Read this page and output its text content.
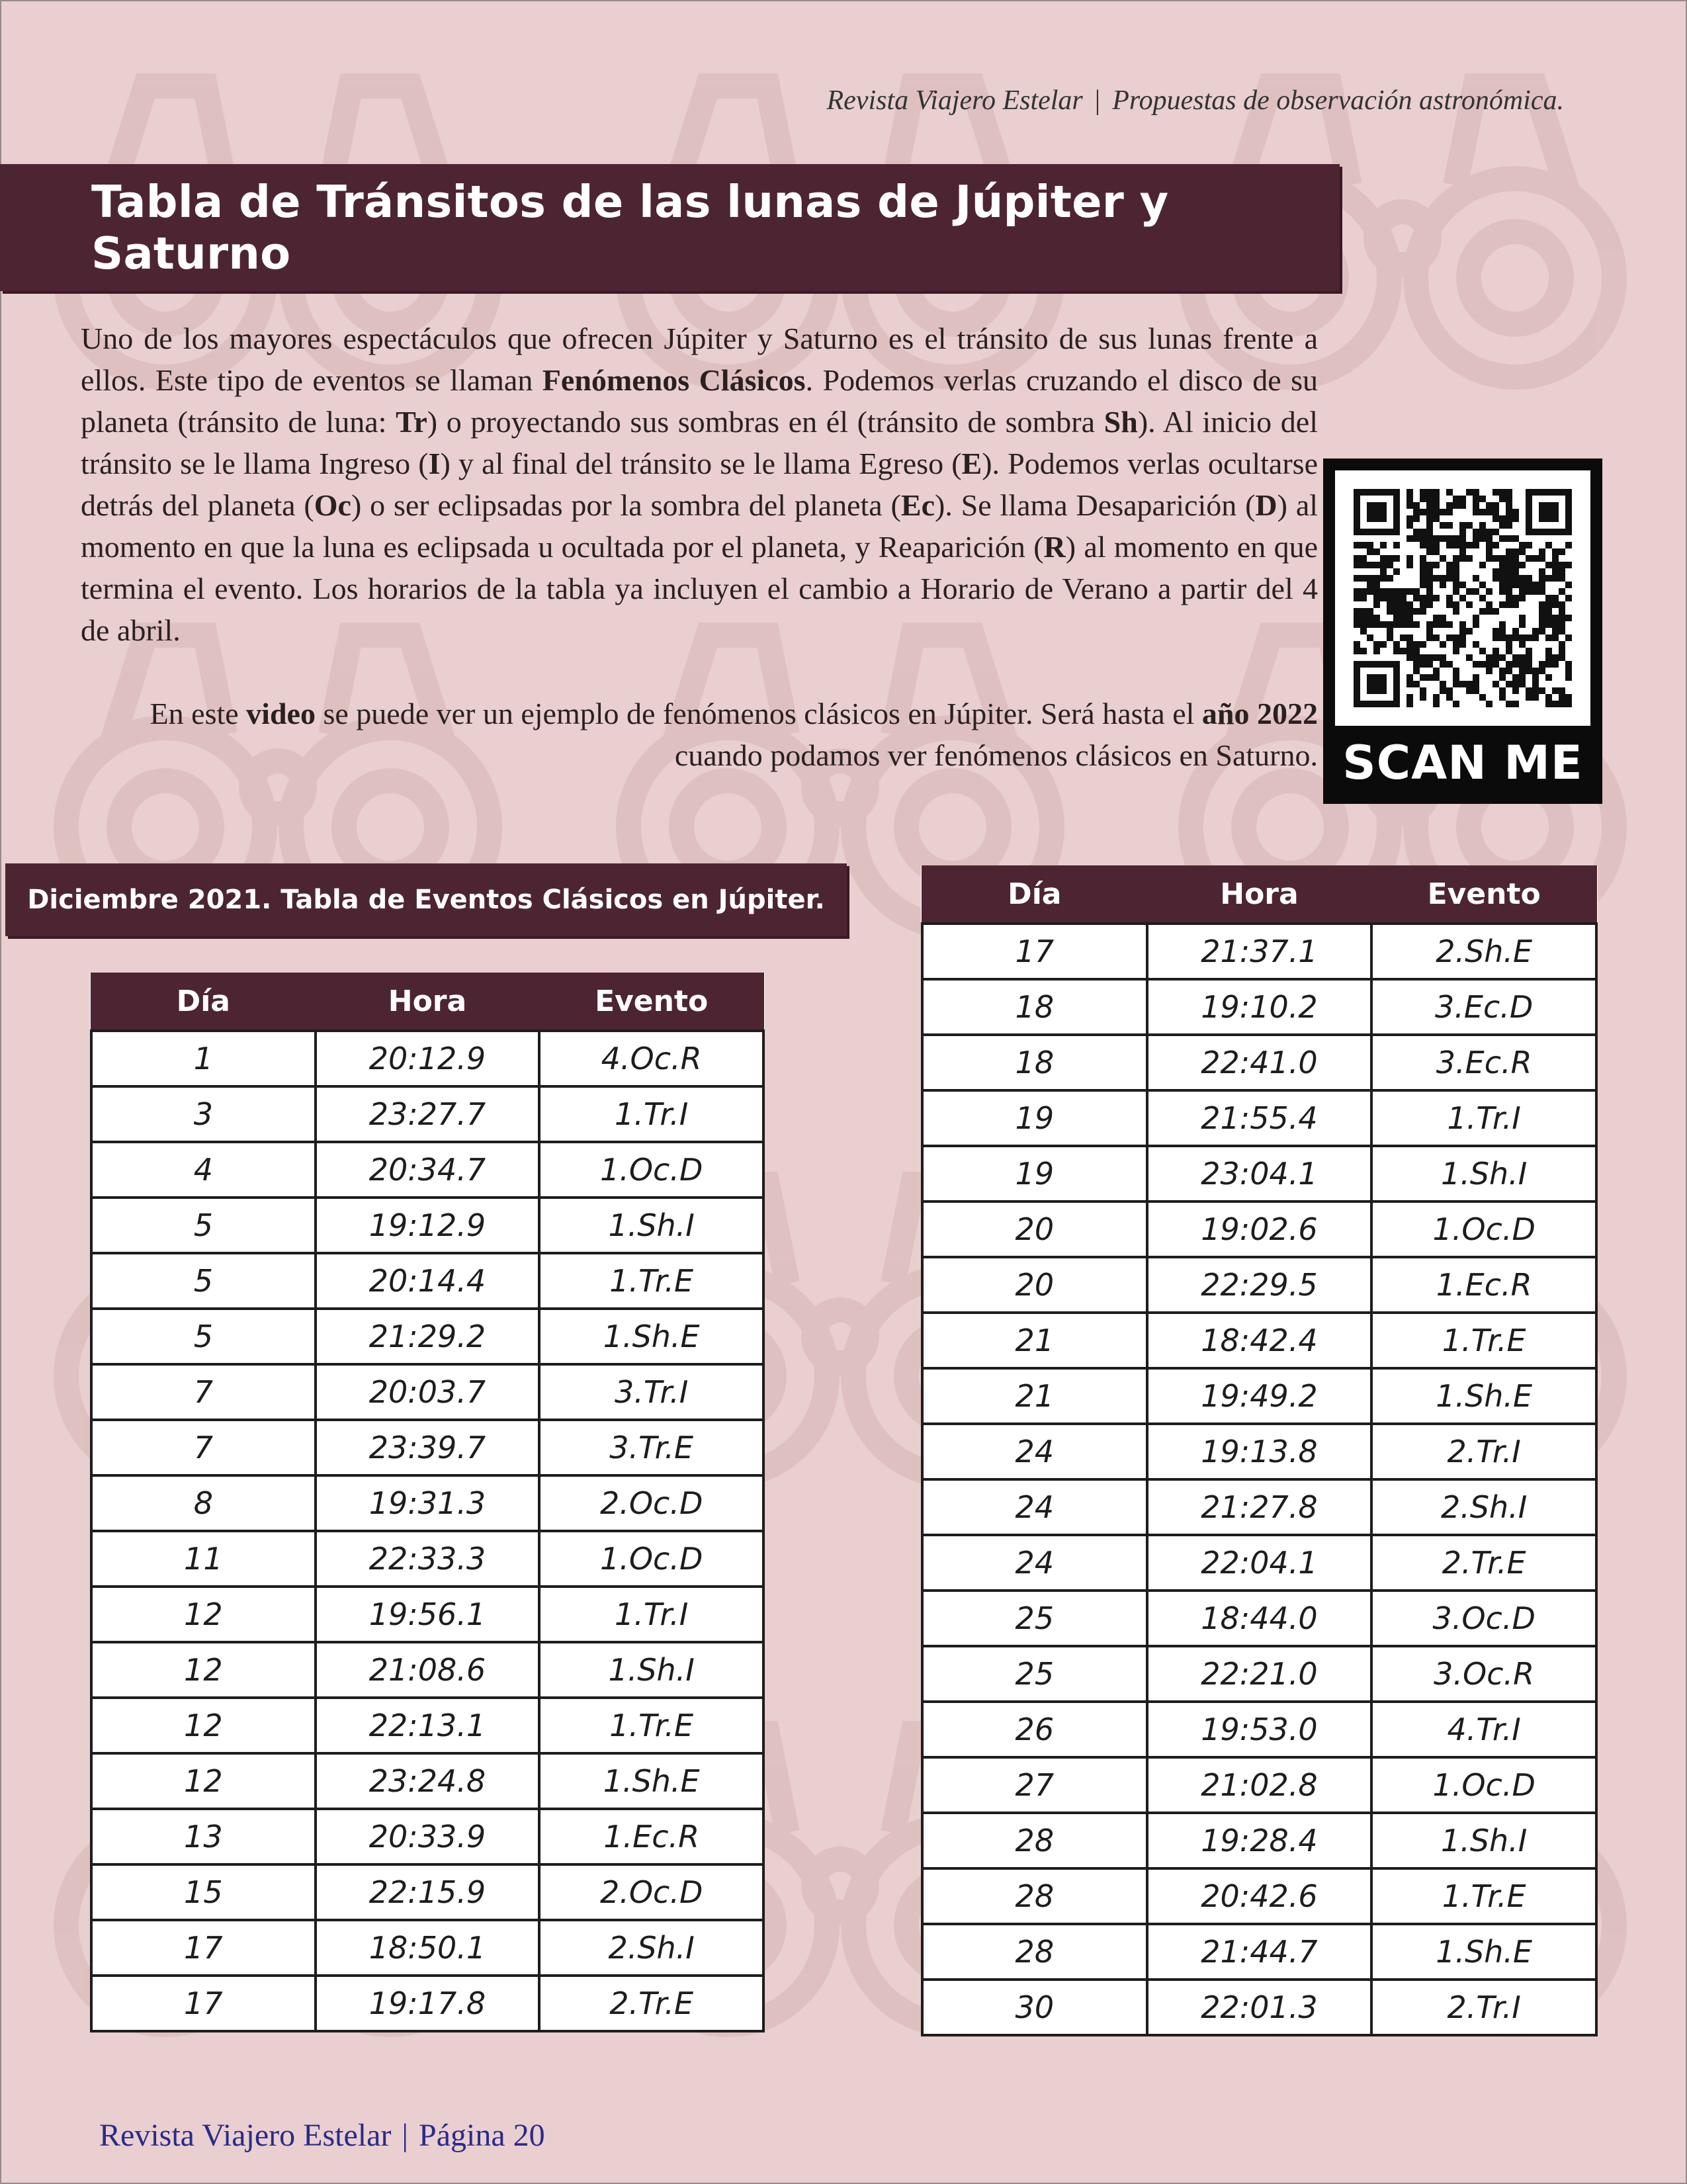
Revista Viajero Estelar | Propuestas de observación astronómica.
Tabla de Tránsitos de las lunas de Júpiter y Saturno

Uno de los mayores espectáculos que ofrecen Júpiter y Saturno es el tránsito de sus lunas frente a ellos. Este tipo de eventos se llaman Fenómenos Clásicos. Podemos verlas cruzando el disco de su planeta (tránsito de luna: Tr) o proyectando sus sombras en él (tránsito de sombra Sh). Al inicio del tránsito se le llama Ingreso (I) y al final del tránsito se le llama Egreso (E). Podemos verlas ocultarse detrás del planeta (Oc) o ser eclipsadas por la sombra del planeta (Ec). Se llama Desaparición (D) al momento en que la luna es eclipsada u ocultada por el planeta, y Reaparición (R) al momento en que termina el evento. Los horarios de la tabla ya incluyen el cambio a Horario de Verano a partir del 4 de abril.

En este video se puede ver un ejemplo de fenómenos clásicos en Júpiter. Será hasta el año 2022 cuando podamos ver fenómenos clásicos en Saturno. SCAN ME
Diciembre 2021. Tabla de Eventos Clásicos en Júpiter.
Día	Hora	Evento
1	20:12.9	4.Oc.R
3	23:27.7	1.Tr.I
4	20:34.7	1.Oc.D
5	19:12.9	1.Sh.I
5	20:14.4	1.Tr.E
5	21:29.2	1.Sh.E
7	20:03.7	3.Tr.I
7	23:39.7	3.Tr.E
8	19:31.3	2.Oc.D
11	22:33.3	1.Oc.D
12	19:56.1	1.Tr.I
12	21:08.6	1.Sh.I
12	22:13.1	1.Tr.E
12	23:24.8	1.Sh.E
13	20:33.9	1.Ec.R
15	22:15.9	2.Oc.D
17	18:50.1	2.Sh.I
17	19:17.8	2.Tr.E
Día	Hora	Evento
17	21:37.1	2.Sh.E
18	19:10.2	3.Ec.D
18	22:41.0	3.Ec.R
19	21:55.4	1.Tr.I
19	23:04.1	1.Sh.I
20	19:02.6	1.Oc.D
20	22:29.5	1.Ec.R
21	18:42.4	1.Tr.E
21	19:49.2	1.Sh.E
24	19:13.8	2.Tr.I
24	21:27.8	2.Sh.I
24	22:04.1	2.Tr.E
25	18:44.0	3.Oc.D
25	22:21.0	3.Oc.R
26	19:53.0	4.Tr.I
27	21:02.8	1.Oc.D
28	19:28.4	1.Sh.I
28	20:42.6	1.Tr.E
28	21:44.7	1.Sh.E
30	22:01.3	2.Tr.I
Revista Viajero Estelar | Página 20
